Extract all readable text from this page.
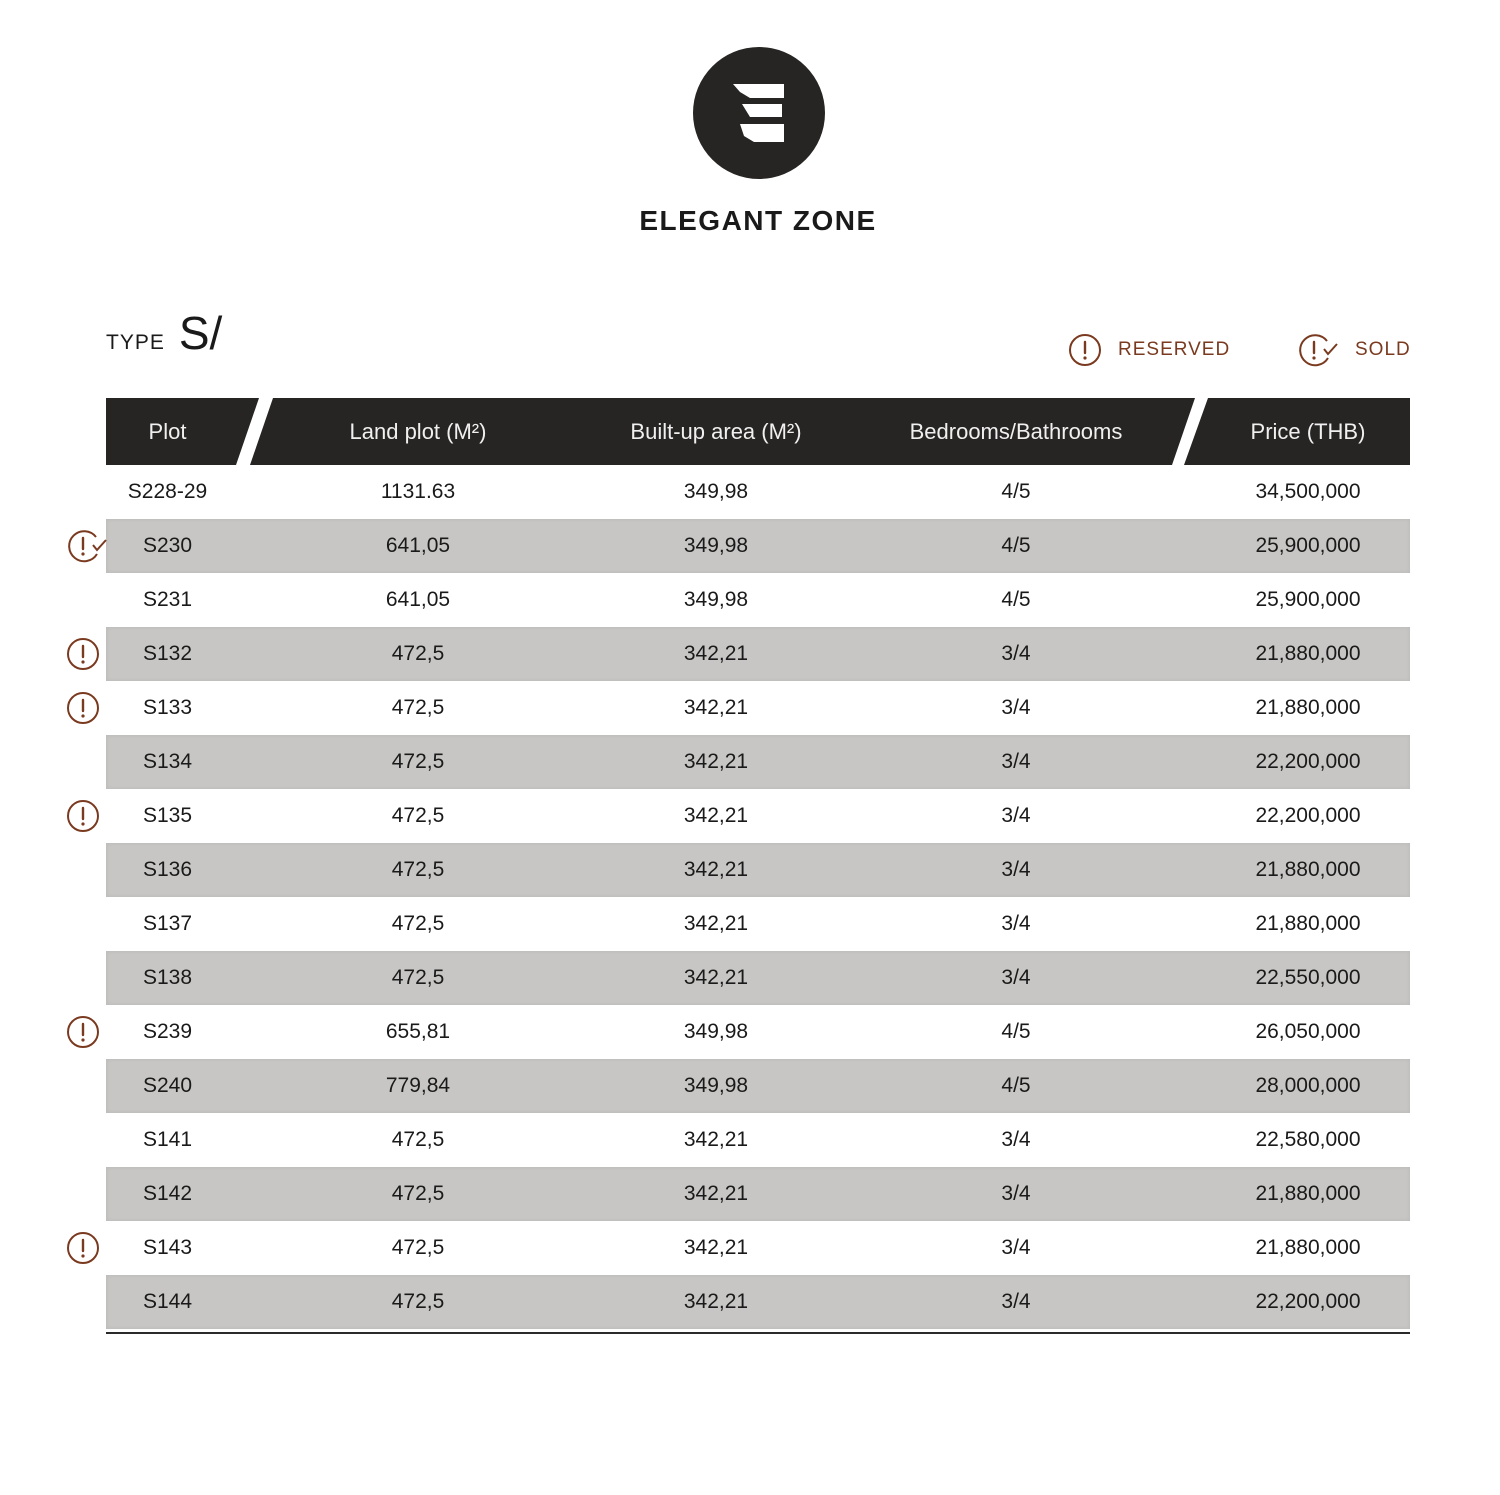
ELEGANT ZONE
TYPE S/	RESERVED	SOLD
Plot	Land plot (M²)	Built-up area (M²)	Bedrooms/Bathrooms	Price (THB)
S228-29	1131.63	349,98	4/5	34,500,000
S230	641,05	349,98	4/5	25,900,000
S231	641,05	349,98	4/5	25,900,000
S132	472,5	342,21	3/4	21,880,000
S133	472,5	342,21	3/4	21,880,000
S134	472,5	342,21	3/4	22,200,000
S135	472,5	342,21	3/4	22,200,000
S136	472,5	342,21	3/4	21,880,000
S137	472,5	342,21	3/4	21,880,000
S138	472,5	342,21	3/4	22,550,000
S239	655,81	349,98	4/5	26,050,000
S240	779,84	349,98	4/5	28,000,000
S141	472,5	342,21	3/4	22,580,000
S142	472,5	342,21	3/4	21,880,000
S143	472,5	342,21	3/4	21,880,000
S144	472,5	342,21	3/4	22,200,000
